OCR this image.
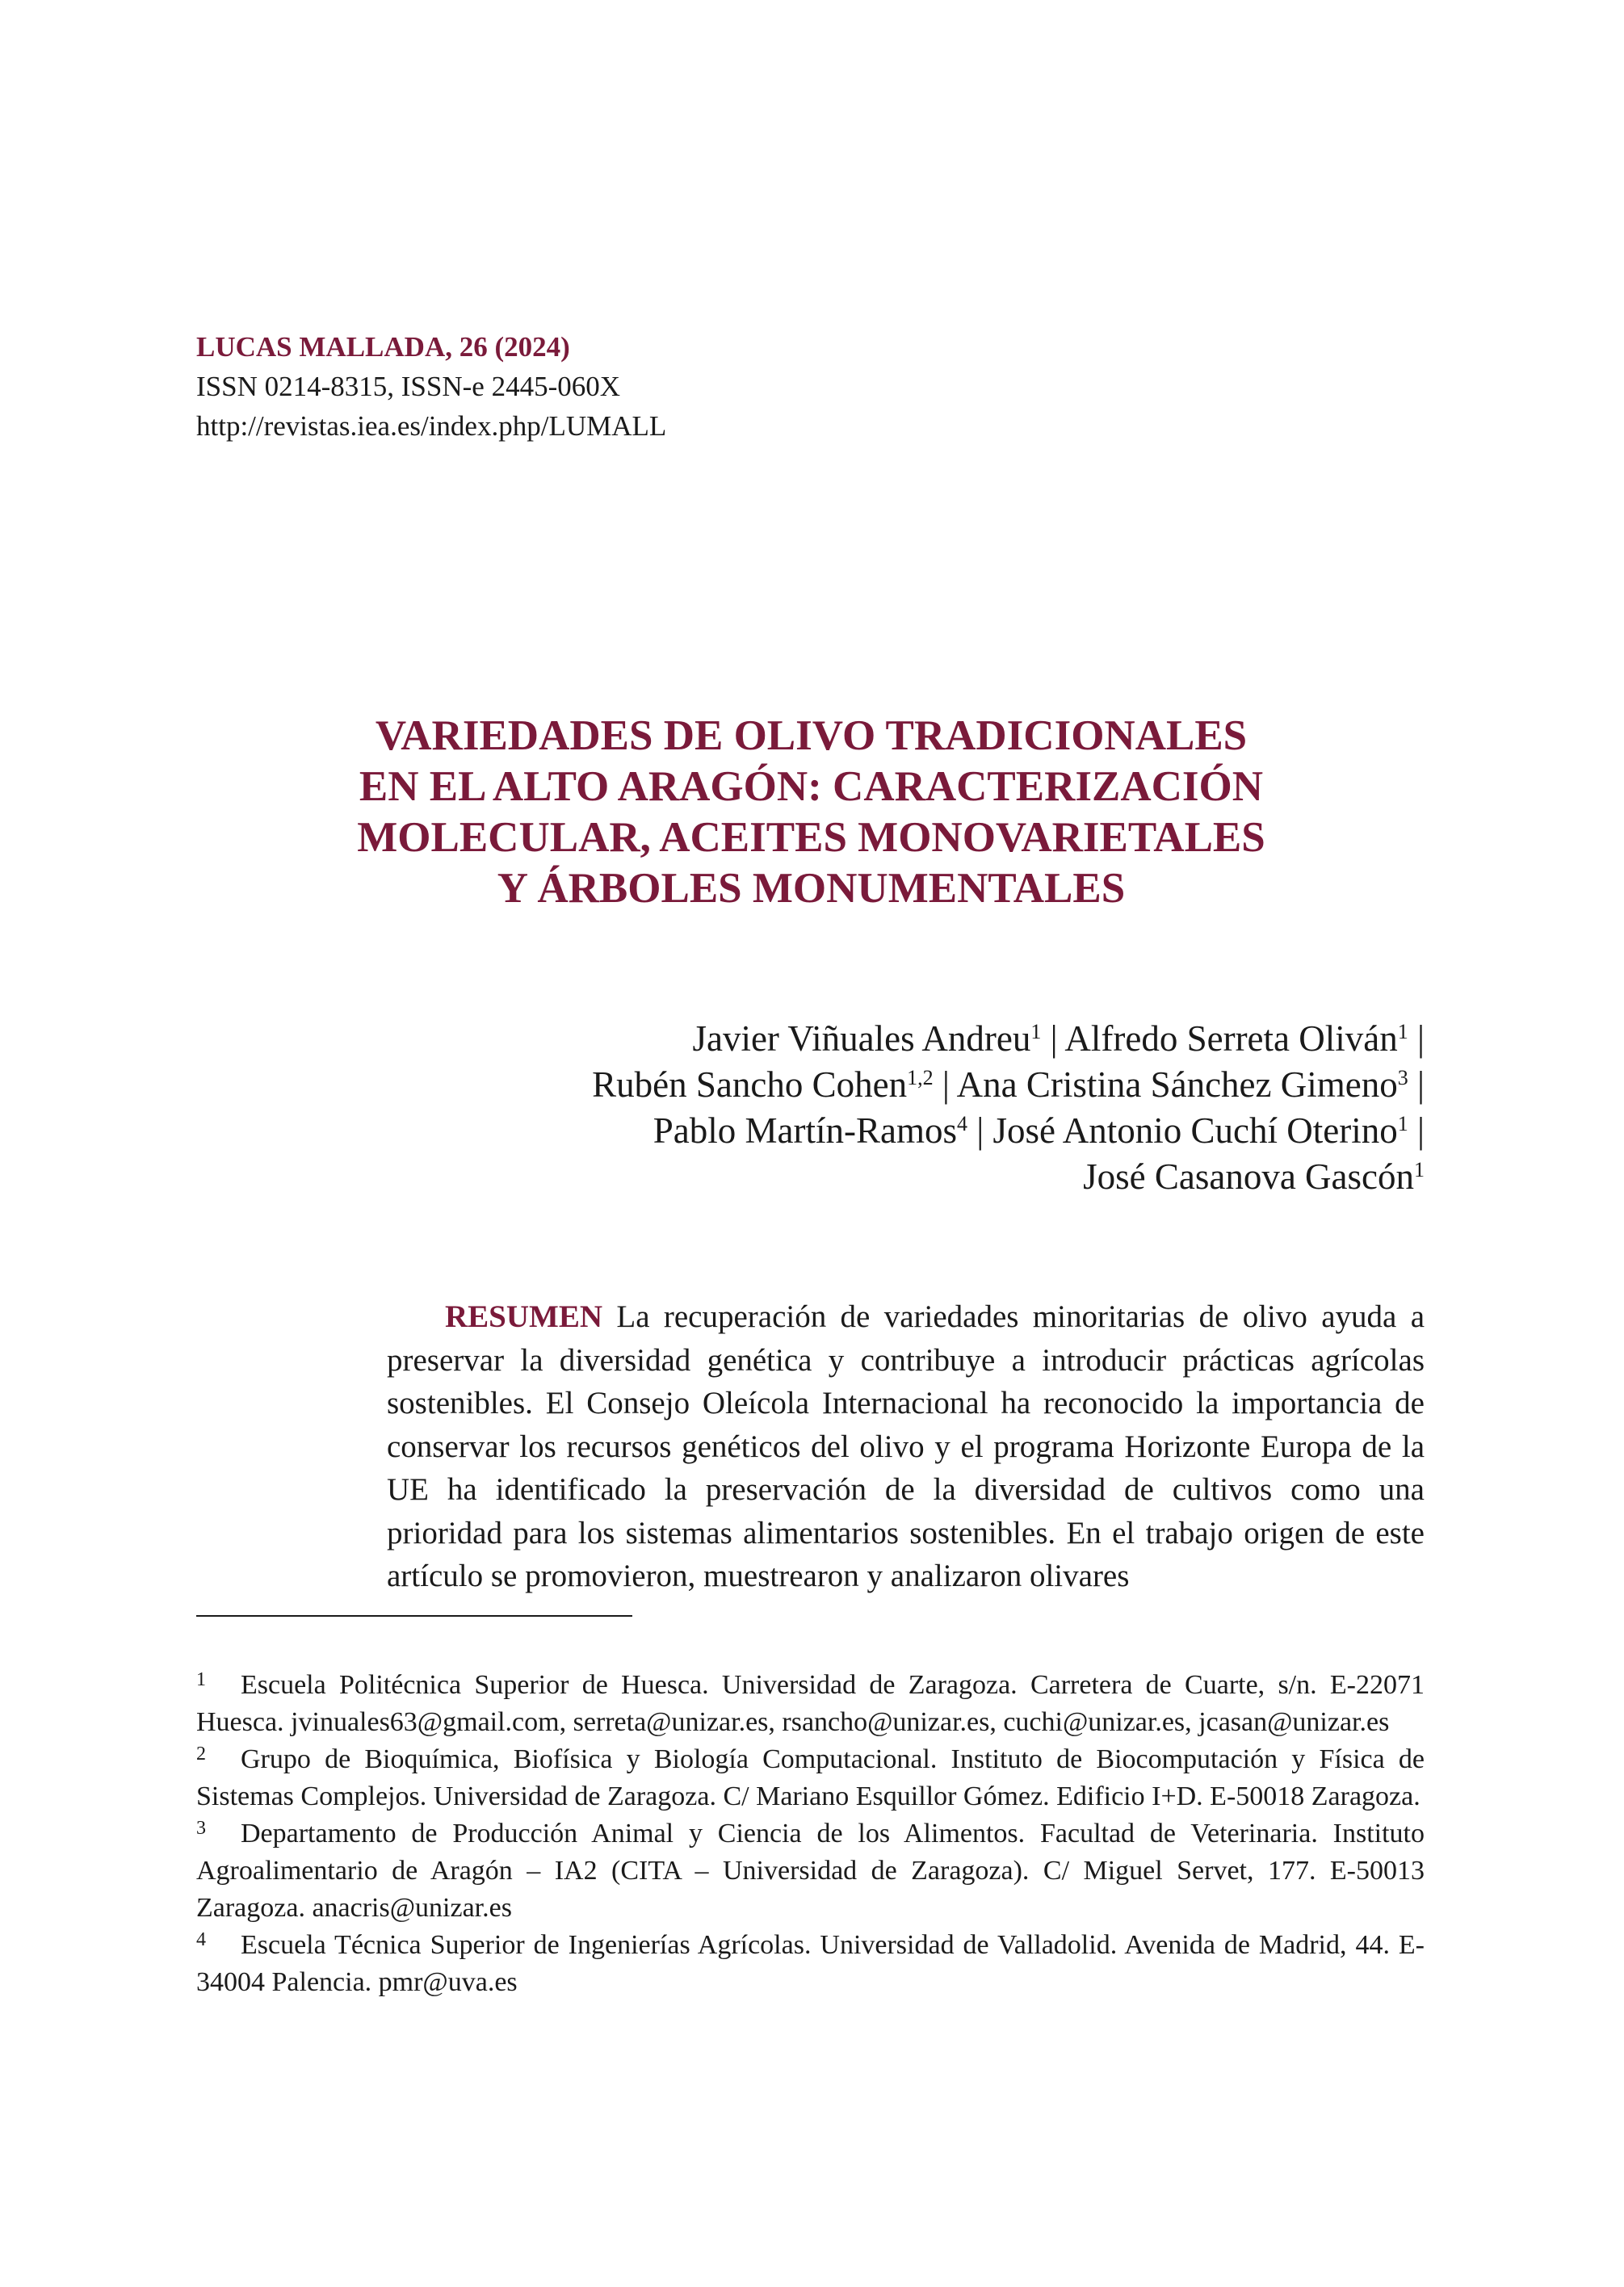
LUCAS MALLADA, 26 (2024)
ISSN 0214-8315, ISSN-e 2445-060X
http://revistas.iea.es/index.php/LUMALL
VARIEDADES DE OLIVO TRADICIONALES
EN EL ALTO ARAGÓN: CARACTERIZACIÓN
MOLECULAR, ACEITES MONOVARIETALES
Y ÁRBOLES MONUMENTALES
Javier Viñuales Andreu$^1$ | Alfredo Serreta Oliván$^1$ |
Rubén Sancho Cohen$^{1,2}$ | Ana Cristina Sánchez Gimeno$^3$ |
Pablo Martín-Ramos$^4$ | José Antonio Cuchí Oterino$^1$ |
José Casanova Gascón$^1$
RESUMEN La recuperación de variedades minoritarias de olivo ayuda a preservar la diversidad genética y contribuye a introducir prácticas agrícolas sostenibles. El Consejo Oleícola Internacional ha reconocido la importancia de conservar los recursos genéticos del olivo y el programa Horizonte Europa de la UE ha identificado la preservación de la diversidad de cultivos como una prioridad para los sistemas alimentarios sostenibles. En el trabajo origen de este artículo se promovieron, muestrearon y analizaron olivares

1 Escuela Politécnica Superior de Huesca. Universidad de Zaragoza. Carretera de Cuarte, s/n. E-22071 Huesca. jvinuales63@gmail.com, serreta@unizar.es, rsancho@unizar.es, cuchi@unizar.es, jcasan@unizar.es

2 Grupo de Bioquímica, Biofísica y Biología Computacional. Instituto de Biocomputación y Física de Sistemas Complejos. Universidad de Zaragoza. C/ Mariano Esquillor Gómez. Edificio I+D. E-50018 Zaragoza.

3 Departamento de Producción Animal y Ciencia de los Alimentos. Facultad de Veterinaria. Instituto Agroalimentario de Aragón – IA2 (CITA – Universidad de Zaragoza). C/ Miguel Servet, 177. E-50013 Zaragoza. anacris@unizar.es

4 Escuela Técnica Superior de Ingenierías Agrícolas. Universidad de Valladolid. Avenida de Madrid, 44. E-34004 Palencia. pmr@uva.es
